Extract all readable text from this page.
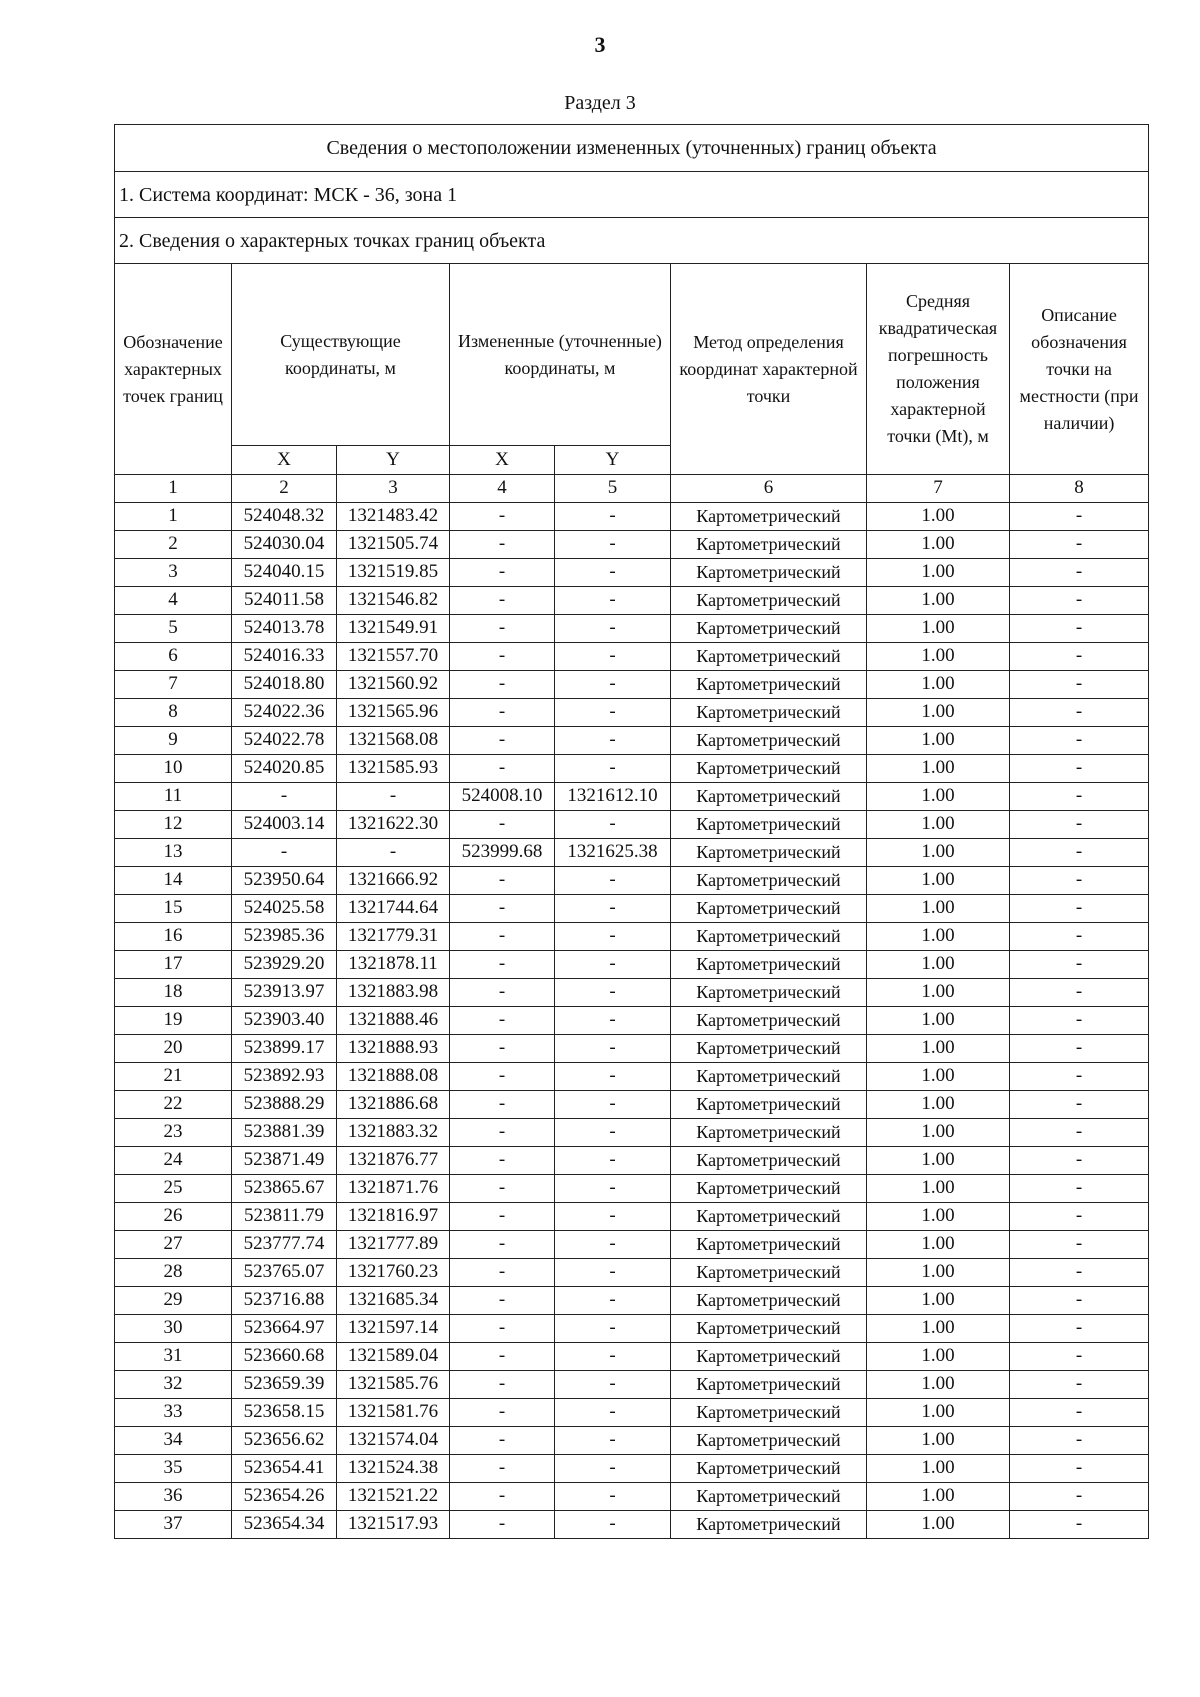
3
Раздел 3
Сведения о местоположении измененных (уточненных) границ объекта							
1. Система координат: МСК - 36, зона 1							
2. Сведения о характерных точках границ объекта							
Обозначение характерных точек границ	Существующие координаты, м		Измененные (уточненные) координаты, м		Метод определения координат характерной точки	Средняя квадратическая погрешность положения характерной точки (Mt), м	Описание обозначения точки на местности (при наличии)
	X	Y	X	Y			
1	2	3	4	5	6	7	8
1	524048.32	1321483.42	-	-	Картометрический	1.00	-
2	524030.04	1321505.74	-	-	Картометрический	1.00	-
3	524040.15	1321519.85	-	-	Картометрический	1.00	-
4	524011.58	1321546.82	-	-	Картометрический	1.00	-
5	524013.78	1321549.91	-	-	Картометрический	1.00	-
6	524016.33	1321557.70	-	-	Картометрический	1.00	-
7	524018.80	1321560.92	-	-	Картометрический	1.00	-
8	524022.36	1321565.96	-	-	Картометрический	1.00	-
9	524022.78	1321568.08	-	-	Картометрический	1.00	-
10	524020.85	1321585.93	-	-	Картометрический	1.00	-
11	-	-	524008.10	1321612.10	Картометрический	1.00	-
12	524003.14	1321622.30	-	-	Картометрический	1.00	-
13	-	-	523999.68	1321625.38	Картометрический	1.00	-
14	523950.64	1321666.92	-	-	Картометрический	1.00	-
15	524025.58	1321744.64	-	-	Картометрический	1.00	-
16	523985.36	1321779.31	-	-	Картометрический	1.00	-
17	523929.20	1321878.11	-	-	Картометрический	1.00	-
18	523913.97	1321883.98	-	-	Картометрический	1.00	-
19	523903.40	1321888.46	-	-	Картометрический	1.00	-
20	523899.17	1321888.93	-	-	Картометрический	1.00	-
21	523892.93	1321888.08	-	-	Картометрический	1.00	-
22	523888.29	1321886.68	-	-	Картометрический	1.00	-
23	523881.39	1321883.32	-	-	Картометрический	1.00	-
24	523871.49	1321876.77	-	-	Картометрический	1.00	-
25	523865.67	1321871.76	-	-	Картометрический	1.00	-
26	523811.79	1321816.97	-	-	Картометрический	1.00	-
27	523777.74	1321777.89	-	-	Картометрический	1.00	-
28	523765.07	1321760.23	-	-	Картометрический	1.00	-
29	523716.88	1321685.34	-	-	Картометрический	1.00	-
30	523664.97	1321597.14	-	-	Картометрический	1.00	-
31	523660.68	1321589.04	-	-	Картометрический	1.00	-
32	523659.39	1321585.76	-	-	Картометрический	1.00	-
33	523658.15	1321581.76	-	-	Картометрический	1.00	-
34	523656.62	1321574.04	-	-	Картометрический	1.00	-
35	523654.41	1321524.38	-	-	Картометрический	1.00	-
36	523654.26	1321521.22	-	-	Картометрический	1.00	-
37	523654.34	1321517.93	-	-	Картометрический	1.00	-
